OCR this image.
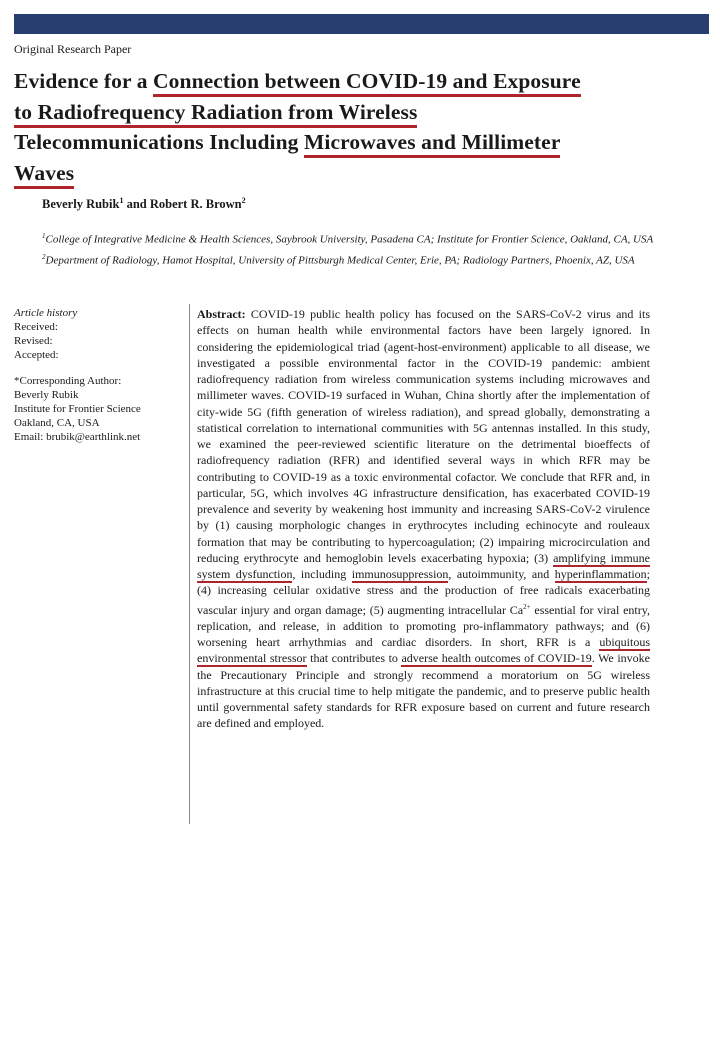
Original Research Paper
Evidence for a Connection between COVID-19 and Exposure
to Radiofrequency Radiation from Wireless
Telecommunications Including Microwaves and Millimeter
Waves
Beverly Rubik$^1$ and Robert R. Brown$^2$

$^1$College of Integrative Medicine & Health Sciences, Saybrook University, Pasadena CA; Institute for Frontier Science, Oakland, CA, USA

$^2$Department of Radiology, Hamot Hospital, University of Pittsburgh Medical Center, Erie, PA; Radiology Partners, Phoenix, AZ, USA

Article history
Received:
Revised:
Accepted:
*Corresponding Author:
Beverly Rubik
Institute for Frontier Science
Oakland, CA, USA
Email: brubik@earthlink.net

Abstract: COVID-19 public health policy has focused on the SARS-CoV-2 virus and its effects on human health while environmental factors have been largely ignored. In considering the epidemiological triad (agent-host-environment) applicable to all disease, we investigated a possible environmental factor in the COVID-19 pandemic: ambient radiofrequency radiation from wireless communication systems including microwaves and millimeter waves. COVID-19 surfaced in Wuhan, China shortly after the implementation of city-wide 5G (fifth generation of wireless radiation), and spread globally, demonstrating a statistical correlation to international communities with 5G antennas installed. In this study, we examined the peer-reviewed scientific literature on the detrimental bioeffects of radiofrequency radiation (RFR) and identified several ways in which RFR may be contributing to COVID-19 as a toxic environmental cofactor. We conclude that RFR and, in particular, 5G, which involves 4G infrastructure densification, has exacerbated COVID-19 prevalence and severity by weakening host immunity and increasing SARS-CoV-2 virulence by (1) causing morphologic changes in erythrocytes including echinocyte and rouleaux formation that may be contributing to hypercoagulation; (2) impairing microcirculation and reducing erythrocyte and hemoglobin levels exacerbating hypoxia; (3) amplifying immune system dysfunction, including immunosuppression, autoimmunity, and hyperinflammation; (4) increasing cellular oxidative stress and the production of free radicals exacerbating vascular injury and organ damage; (5) augmenting intracellular $Ca^{2+}$ essential for viral entry, replication, and release, in addition to promoting pro-inflammatory pathways; and (6) worsening heart arrhythmias and cardiac disorders. In short, RFR is a ubiquitous environmental stressor that contributes to adverse health outcomes of COVID-19. We invoke the Precautionary Principle and strongly recommend a moratorium on 5G wireless infrastructure at this crucial time to help mitigate the pandemic, and to preserve public health until governmental safety standards for RFR exposure based on current and future research are defined and employed.
